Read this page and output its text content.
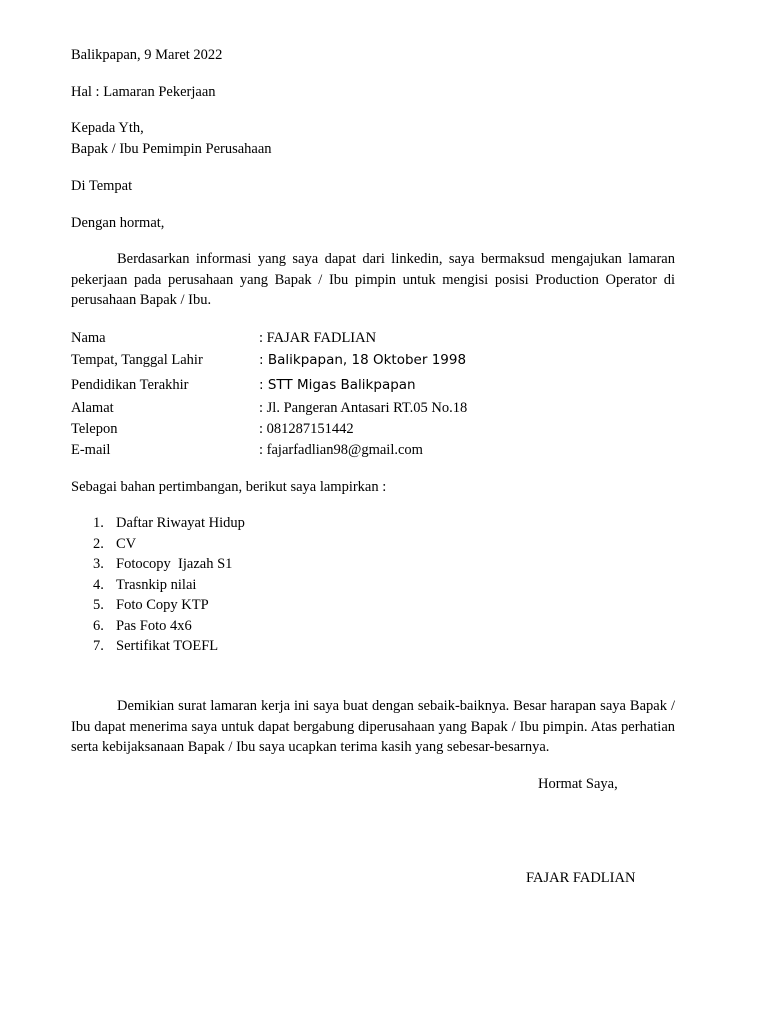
Balikpapan, 9 Maret 2022
Hal : Lamaran Pekerjaan
Kepada Yth,
Bapak / Ibu Pemimpin Perusahaan
Di Tempat
Dengan hormat,
Berdasarkan informasi yang saya dapat dari linkedin, saya bermaksud mengajukan lamaran pekerjaan pada perusahaan yang Bapak / Ibu pimpin untuk mengisi posisi Production Operator di perusahaan Bapak / Ibu.
Nama	: FAJAR FADLIAN
Tempat, Tanggal Lahir	: Balikpapan, 18 Oktober 1998
Pendidikan Terakhir	: STT Migas Balikpapan
Alamat	: Jl. Pangeran Antasari RT.05 No.18
Telepon	: 081287151442
E-mail	: fajarfadlian98@gmail.com
Sebagai bahan pertimbangan, berikut saya lampirkan :
1. Daftar Riwayat Hidup
2. CV
3. Fotocopy  Ijazah S1
4. Trasnkip nilai
5. Foto Copy KTP
6. Pas Foto 4x6
7. Sertifikat TOEFL
Demikian surat lamaran kerja ini saya buat dengan sebaik-baiknya. Besar harapan saya Bapak / Ibu dapat menerima saya untuk dapat bergabung diperusahaan yang Bapak / Ibu pimpin. Atas perhatian serta kebijaksanaan Bapak / Ibu saya ucapkan terima kasih yang sebesar-besarnya.
Hormat Saya,
FAJAR FADLIAN
